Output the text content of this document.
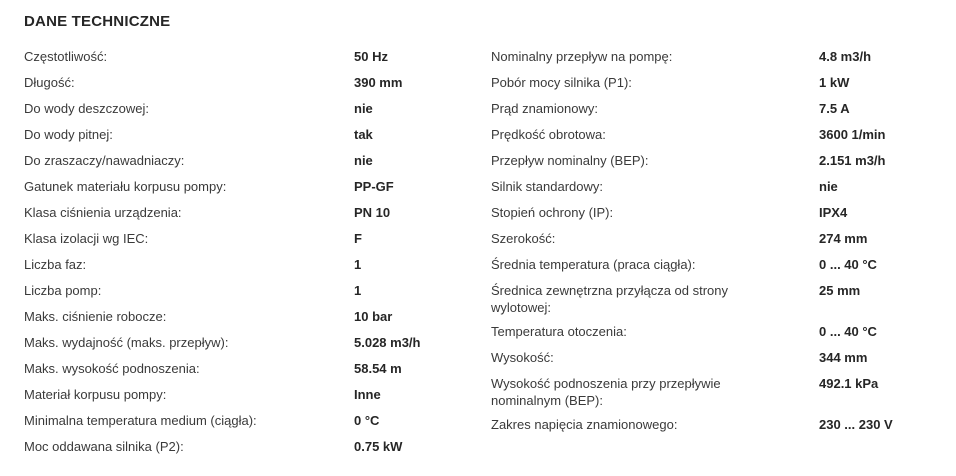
DANE TECHNICZNE
Częstotliwość:	50 Hz
Długość:	390 mm
Do wody deszczowej:	nie
Do wody pitnej:	tak
Do zraszaczy/nawadniaczy:	nie
Gatunek materiału korpusu pompy:	PP-GF
Klasa ciśnienia urządzenia:	PN 10
Klasa izolacji wg IEC:	F
Liczba faz:	1
Liczba pomp:	1
Maks. ciśnienie robocze:	10 bar
Maks. wydajność (maks. przepływ):	5.028 m3/h
Maks. wysokość podnoszenia:	58.54 m
Materiał korpusu pompy:	Inne
Minimalna temperatura medium (ciągła):	0 °C
Moc oddawana silnika (P2):	0.75 kW
Nominalny przepływ na pompę:	4.8 m3/h
Pobór mocy silnika (P1):	1 kW
Prąd znamionowy:	7.5 A
Prędkość obrotowa:	3600 1/min
Przepływ nominalny (BEP):	2.151 m3/h
Silnik standardowy:	nie
Stopień ochrony (IP):	IPX4
Szerokość:	274 mm
Średnia temperatura (praca ciągła):	0 ... 40 °C
Średnica zewnętrzna przyłącza od strony wylotowej:
25 mm
Temperatura otoczenia:	0 ... 40 °C
Wysokość:	344 mm
Wysokość podnoszenia przy przepływie nominalnym (BEP):
492.1 kPa
Zakres napięcia znamionowego:	230 ... 230 V
